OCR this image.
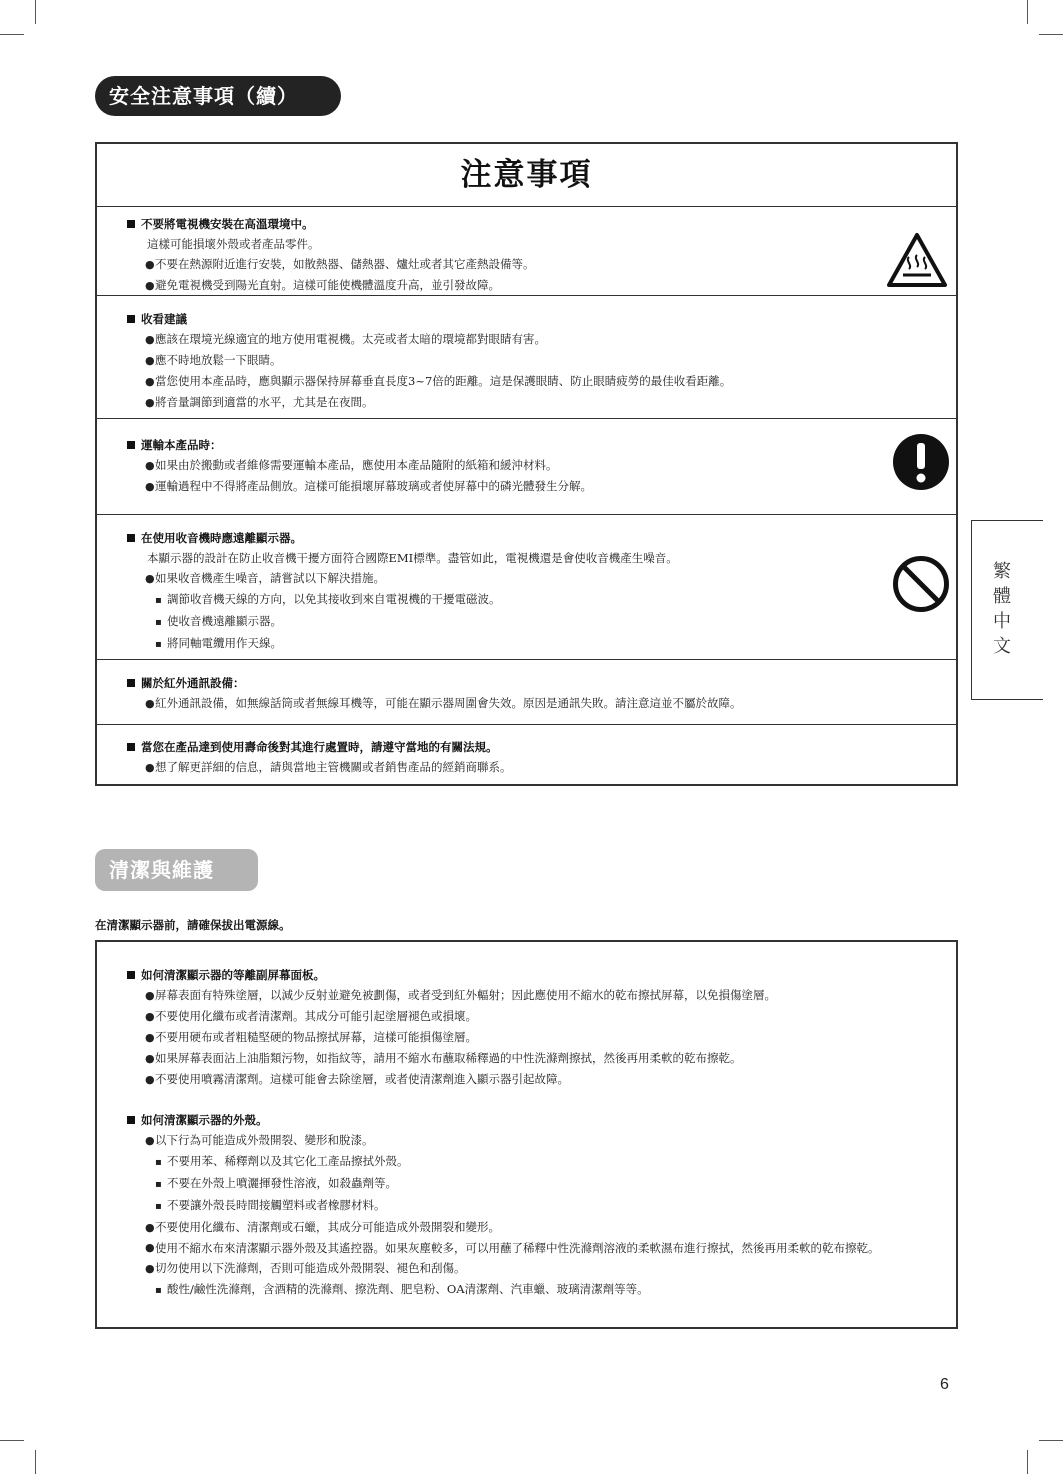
安全注意事項（續）
注意事項
不要將電視機安裝在高溫環境中。
這樣可能損壞外殼或者產品零件。
●不要在熱源附近進行安裝，如散熱器、儲熱器、爐灶或者其它產熱設備等。
●避免電視機受到陽光直射。這樣可能使機體溫度升高，並引發故障。
收看建議
●應該在環境光線適宜的地方使用電視機。太亮或者太暗的環境都對眼睛有害。
●應不時地放鬆一下眼睛。
●當您使用本產品時，應與顯示器保持屏幕垂直長度3~7倍的距離。這是保護眼睛、防止眼睛疲勞的最佳收看距離。
●將音量調節到適當的水平，尤其是在夜間。
運輸本產品時：
●如果由於搬動或者維修需要運輸本產品，應使用本產品隨附的紙箱和緩沖材料。
●運輸過程中不得將產品側放。這樣可能損壞屏幕玻璃或者使屏幕中的磷光體發生分解。
在使用收音機時應遠離顯示器。
本顯示器的設計在防止收音機干擾方面符合國際EMI標準。盡管如此，電視機還是會使收音機產生噪音。
●如果收音機產生噪音，請嘗試以下解決措施。
▪ 調節收音機天線的方向，以免其接收到來自電視機的干擾電磁波。
▪ 使收音機遠離顯示器。
▪ 將同軸電纜用作天線。
關於紅外通訊設備：
●紅外通訊設備，如無線話筒或者無線耳機等，可能在顯示器周圍會失效。原因是通訊失敗。請注意這並不屬於故障。
當您在產品達到使用壽命後對其進行處置時，請遵守當地的有關法規。
●想了解更詳細的信息，請與當地主管機關或者銷售產品的經銷商聯系。
清潔與維護
在清潔顯示器前，請確保拔出電源線。
如何清潔顯示器的等離副屏幕面板。
●屏幕表面有特殊塗層，以減少反射並避免被劃傷，或者受到紅外輻射；因此應使用不縮水的乾布擦拭屏幕，以免損傷塗層。
●不要使用化纖布或者清潔劑。其成分可能引起塗層褪色或損壞。
●不要用硬布或者粗糙堅硬的物品擦拭屏幕，這樣可能損傷塗層。
●如果屏幕表面沾上油脂類污物，如指紋等，請用不縮水布蘸取稀釋過的中性洗滌劑擦拭，然後再用柔軟的乾布擦乾。
●不要使用噴霧清潔劑。這樣可能會去除塗層，或者使清潔劑進入顯示器引起故障。
如何清潔顯示器的外殼。
●以下行為可能造成外殼開裂、變形和脫漆。
▪ 不要用苯、稀釋劑以及其它化工產品擦拭外殼。
▪ 不要在外殼上噴灑揮發性溶液，如殺蟲劑等。
▪ 不要讓外殼長時間接觸塑料或者橡膠材料。
●不要使用化纖布、清潔劑或石蠟，其成分可能造成外殼開裂和變形。
● 使用不縮水布來清潔顯示器外殼及其遙控器。如果灰塵較多，可以用蘸了稀釋中性洗滌劑溶液的柔軟濕布進行擦拭，然後再用柔軟的乾布擦乾。
●切勿使用以下洗滌劑，否則可能造成外殼開裂、褪色和刮傷。
▪ 酸性/鹼性洗滌劑，含酒精的洗滌劑、擦洗劑、肥皂粉、OA清潔劑、汽車蠟、玻璃清潔劑等等。
繁體中文
6
